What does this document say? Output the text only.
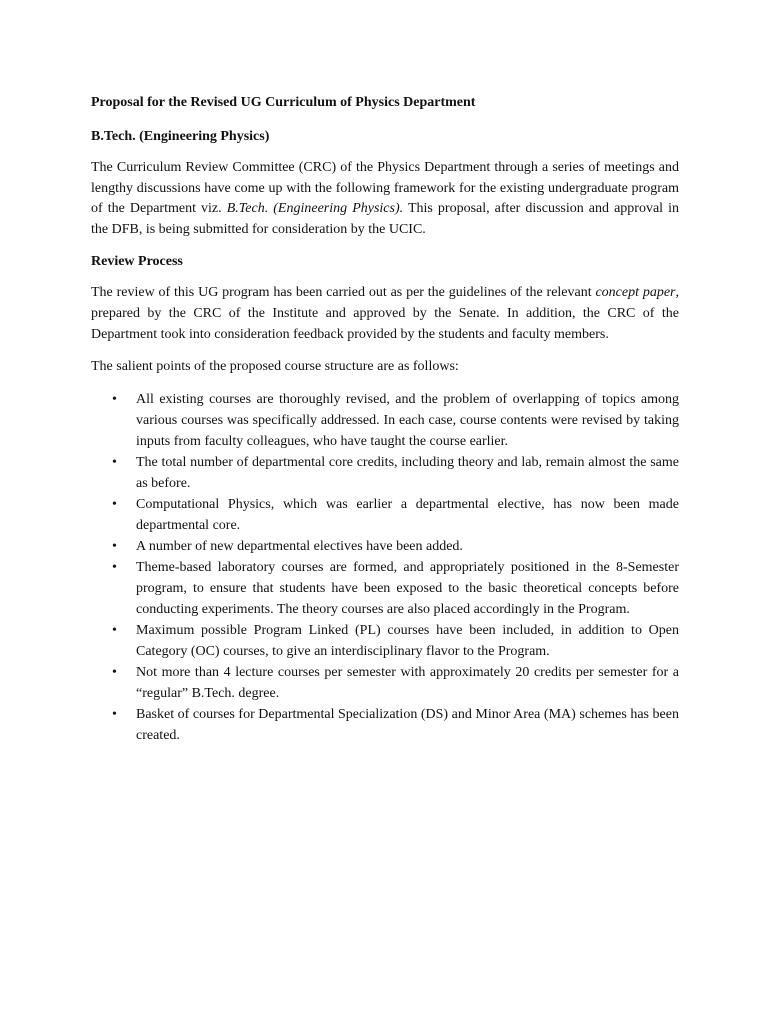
Proposal for the Revised UG Curriculum of Physics Department

B.Tech. (Engineering Physics)

The Curriculum Review Committee (CRC) of the Physics Department through a series of meetings and lengthy discussions have come up with the following framework for the existing undergraduate program of the Department viz. B.Tech. (Engineering Physics). This proposal, after discussion and approval in the DFB, is being submitted for consideration by the UCIC.

Review Process

The review of this UG program has been carried out as per the guidelines of the relevant concept paper, prepared by the CRC of the Institute and approved by the Senate. In addition, the CRC of the Department took into consideration feedback provided by the students and faculty members.

The salient points of the proposed course structure are as follows:

• All existing courses are thoroughly revised, and the problem of overlapping of topics among various courses was specifically addressed. In each case, course contents were revised by taking inputs from faculty colleagues, who have taught the course earlier.
• The total number of departmental core credits, including theory and lab, remain almost the same as before.
• Computational Physics, which was earlier a departmental elective, has now been made departmental core.
• A number of new departmental electives have been added.
• Theme-based laboratory courses are formed, and appropriately positioned in the 8-Semester program, to ensure that students have been exposed to the basic theoretical concepts before conducting experiments. The theory courses are also placed accordingly in the Program.
• Maximum possible Program Linked (PL) courses have been included, in addition to Open Category (OC) courses, to give an interdisciplinary flavor to the Program.
• Not more than 4 lecture courses per semester with approximately 20 credits per semester for a “regular” B.Tech. degree.
• Basket of courses for Departmental Specialization (DS) and Minor Area (MA) schemes has been created.
